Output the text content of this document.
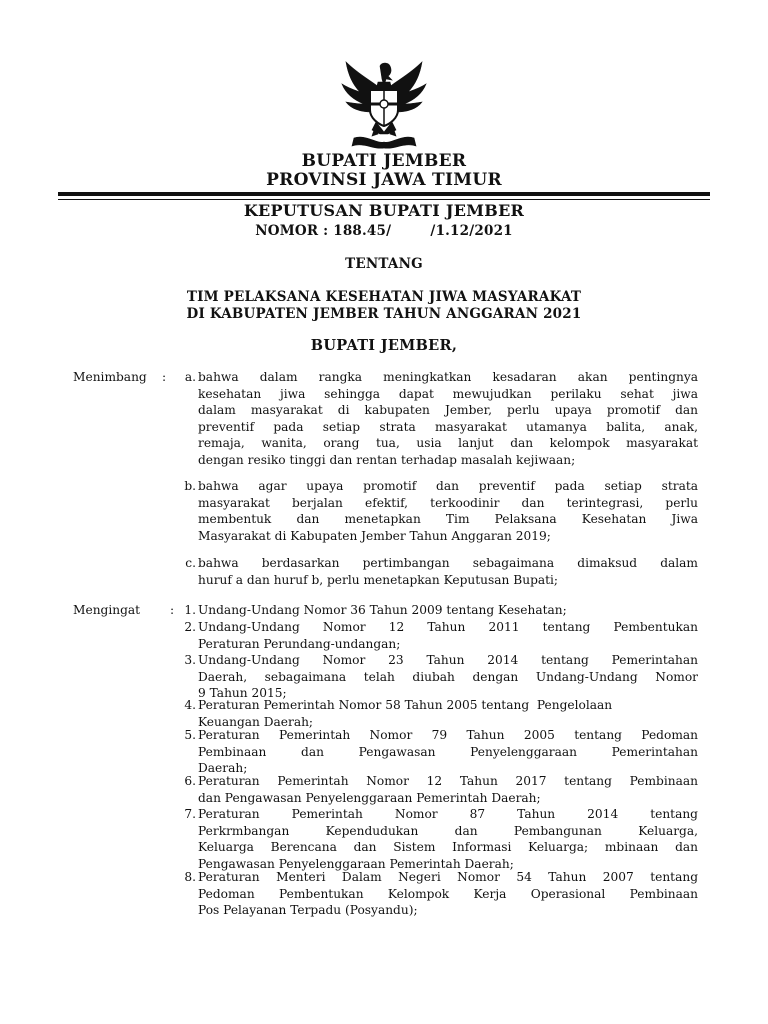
BUPATI JEMBER
PROVINSI JAWA TIMUR
KEPUTUSAN BUPATI JEMBER
NOMOR : 188.45/        /1.12/2021
TENTANG
TIM PELAKSANA KESEHATAN JIWA MASYARAKAT
DI KABUPATEN JEMBER TAHUN ANGGARAN 2021
BUPATI JEMBER,
Menimbang :	a. bahwa dalam rangka meningkatkan kesadaran akan pentingnya
kesehatan jiwa sehingga dapat mewujudkan perilaku sehat jiwa
dalam masyarakat di kabupaten Jember, perlu upaya promotif dan
preventif pada setiap strata masyarakat utamanya balita, anak,
remaja, wanita, orang tua, usia lanjut dan kelompok masyarakat
dengan resiko tinggi dan rentan terhadap masalah kejiwaan;
b. bahwa agar upaya promotif dan preventif pada setiap strata
masyarakat berjalan efektif, terkoodinir dan terintegrasi, perlu
membentuk dan menetapkan Tim Pelaksana Kesehatan Jiwa
Masyarakat di Kabupaten Jember Tahun Anggaran 2019;
c. bahwa berdasarkan pertimbangan sebagaimana dimaksud dalam
huruf a dan huruf b, perlu menetapkan Keputusan Bupati;
Mengingat : 1. Undang-Undang Nomor 36 Tahun 2009 tentang Kesehatan;
2. Undang-Undang Nomor 12 Tahun 2011 tentang Pembentukan
Peraturan Perundang-undangan;
3. Undang-Undang Nomor 23 Tahun 2014 tentang Pemerintahan
Daerah, sebagaimana telah diubah dengan Undang-Undang Nomor
9 Tahun 2015;
4. Peraturan Pemerintah Nomor 58 Tahun 2005 tentang  Pengelolaan
Keuangan Daerah;
5. Peraturan Pemerintah Nomor 79 Tahun 2005 tentang Pedoman
Pembinaan dan Pengawasan Penyelenggaraan Pemerintahan
Daerah;
6. Peraturan Pemerintah Nomor 12 Tahun 2017 tentang Pembinaan
dan Pengawasan Penyelenggaraan Pemerintah Daerah;
7. Peraturan Pemerintah Nomor 87 Tahun 2014 tentang
Perkrmbangan Kependudukan dan Pembangunan Keluarga,
Keluarga Berencana dan Sistem Informasi Keluarga; mbinaan dan
Pengawasan Penyelenggaraan Pemerintah Daerah;
8. Peraturan Menteri Dalam Negeri Nomor 54 Tahun 2007 tentang
Pedoman Pembentukan Kelompok Kerja Operasional Pembinaan
Pos Pelayanan Terpadu (Posyandu);
